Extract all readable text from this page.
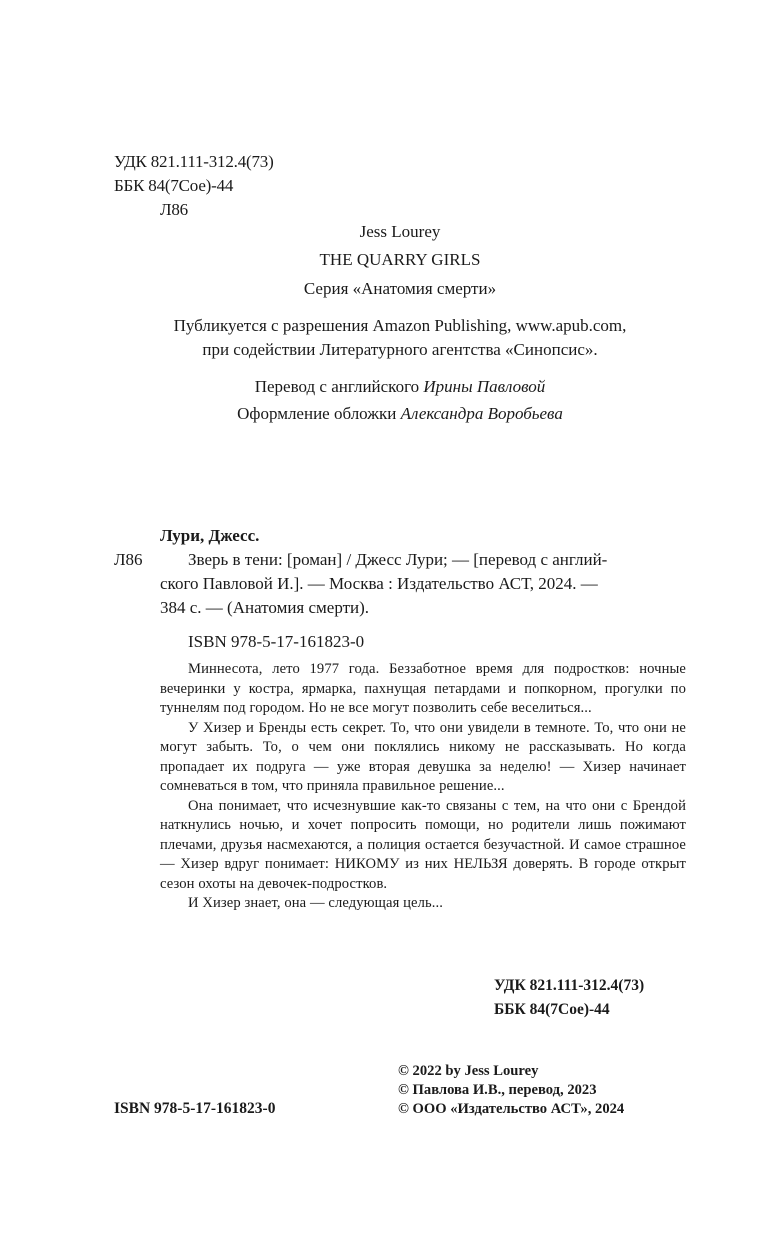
УДК 821.111-312.4(73)
ББК 84(7Сое)-44
Л86
Jess Lourey
THE QUARRY GIRLS
Серия «Анатомия смерти»
Публикуется с разрешения Amazon Publishing, www.apub.com,
при содействии Литературного агентства «Синопсис».
Перевод с английского Ирины Павловой
Оформление обложки Александра Воробьева
Лури, Джесс.
Л86	Зверь в тени: [роман] / Джесс Лури; — [перевод с англий-
ского Павловой И.]. — Москва : Издательство АСТ, 2024. —
384 с. — (Анатомия смерти).
ISBN 978-5-17-161823-0

Миннесота, лето 1977 года. Беззаботное время для подростков: ночные вечеринки у костра, ярмарка, пахнущая петардами и попкорном, прогулки по туннелям под городом. Но не все могут позволить себе веселиться...

У Хизер и Бренды есть секрет. То, что они увидели в темноте. То, что они не могут забыть. То, о чем они поклялись никому не рассказывать. Но когда пропадает их подруга — уже вторая девушка за неделю! — Хизер начинает сомневаться в том, что приняла правильное решение...

Она понимает, что исчезнувшие как-то связаны с тем, на что они с Брендой наткнулись ночью, и хочет попросить помощи, но родители лишь пожимают плечами, друзья насмехаются, а полиция остается безучастной. И самое страшное — Хизер вдруг понимает: НИКОМУ из них НЕЛЬЗЯ доверять. В городе открыт сезон охоты на девочек-подростков.

И Хизер знает, она — следующая цель...

УДК 821.111-312.4(73)
ББК 84(7Сое)-44
© 2022 by Jess Lourey
© Павлова И.В., перевод, 2023
© ООО «Издательство АСТ», 2024
ISBN 978-5-17-161823-0
